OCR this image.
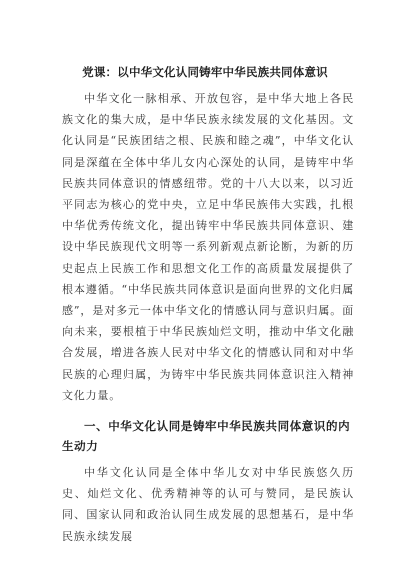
党课：以中华文化认同铸牢中华民族共同体意识

中华文化一脉相承、开放包容，是中华大地上各民族文化的集大成，是中华民族永续发展的文化基因。文化认同是“民族团结之根、民族和睦之魂”，中华文化认同是深蕴在全体中华儿女内心深处的认同，是铸牢中华民族共同体意识的情感纽带。党的十八大以来，以习近平同志为核心的党中央，立足中华民族伟大实践，扎根中华优秀传统文化，提出铸牢中华民族共同体意识、建设中华民族现代文明等一系列新观点新论断，为新的历史起点上民族工作和思想文化工作的高质量发展提供了根本遵循。“中华民族共同体意识是面向世界的文化归属感”，是对多元一体中华文化的情感认同与意识归属。面向未来，要根植于中华民族灿烂文明，推动中华文化融合发展，增进各族人民对中华文化的情感认同和对中华民族的心理归属，为铸牢中华民族共同体意识注入精神文化力量。

一、中华文化认同是铸牢中华民族共同体意识的内生动力

中华文化认同是全体中华儿女对中华民族悠久历史、灿烂文化、优秀精神等的认可与赞同，是民族认同、国家认同和政治认同生成发展的思想基石，是中华民族永续发展
